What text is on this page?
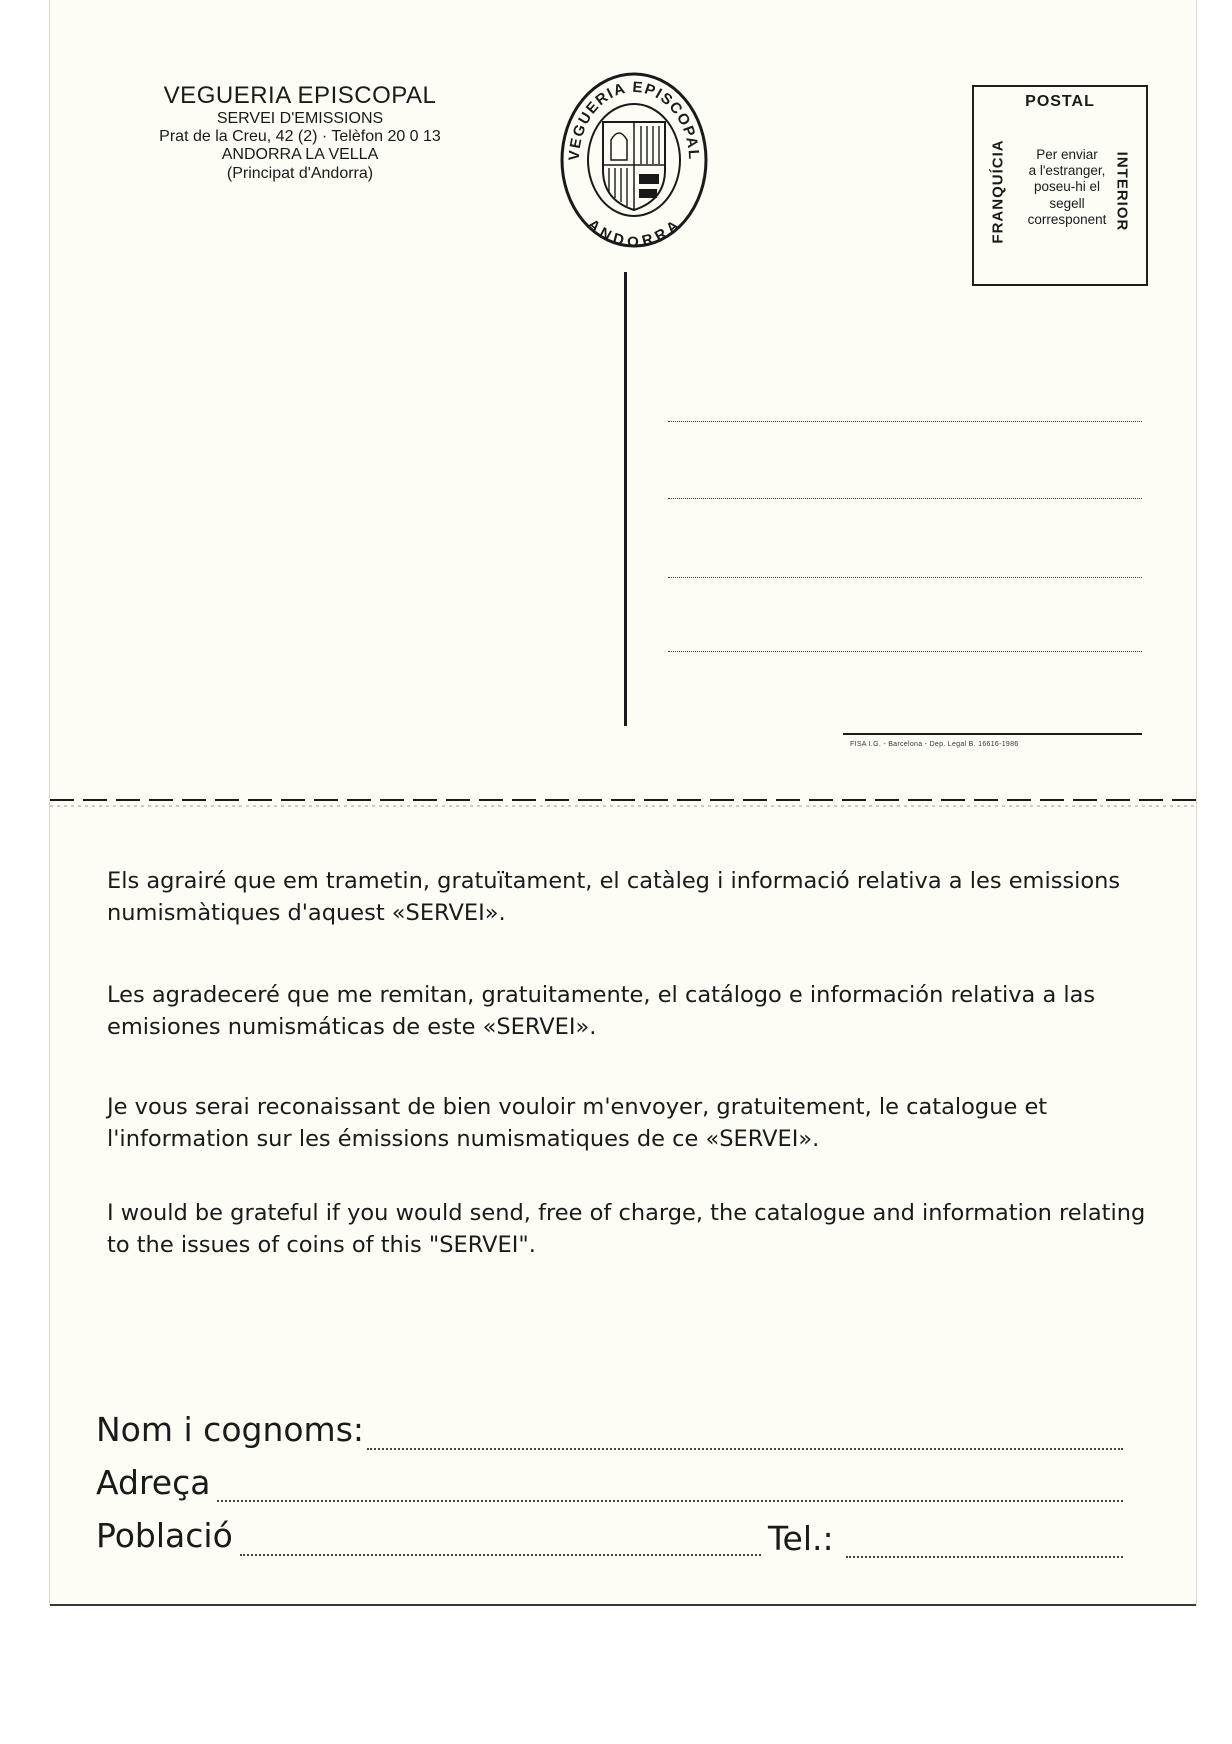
VEGUERIA EPISCOPAL
SERVEI D'EMISSIONS
Prat de la Creu, 42 (2) · Telèfon 20 0 13
ANDORRA LA VELLA
(Principat d'Andorra)
VEGUERIA EPISCOPAL
ANDORRA
POSTAL
FRANQUÍCIA	INTERIOR
Per enviar
a l'estranger,
poseu-hi el
segell
corresponent
FISA I.G. - Barcelona - Dep. Legal B. 16616-1986
Els agrairé que em trametin, gratuïtament, el catàleg i informació relativa a les emissions numismàtiques d'aquest «SERVEI».
Les agradeceré que me remitan, gratuitamente, el catálogo e información relativa a las emisiones numismáticas de este «SERVEI».
Je vous serai reconaissant de bien vouloir m'envoyer, gratuitement, le catalogue et l'information sur les émissions numismatiques de ce «SERVEI».
I would be grateful if you would send, free of charge, the catalogue and information relating to the issues of coins of this "SERVEI".
Nom i cognoms:
Adreça
Població	Tel.:
